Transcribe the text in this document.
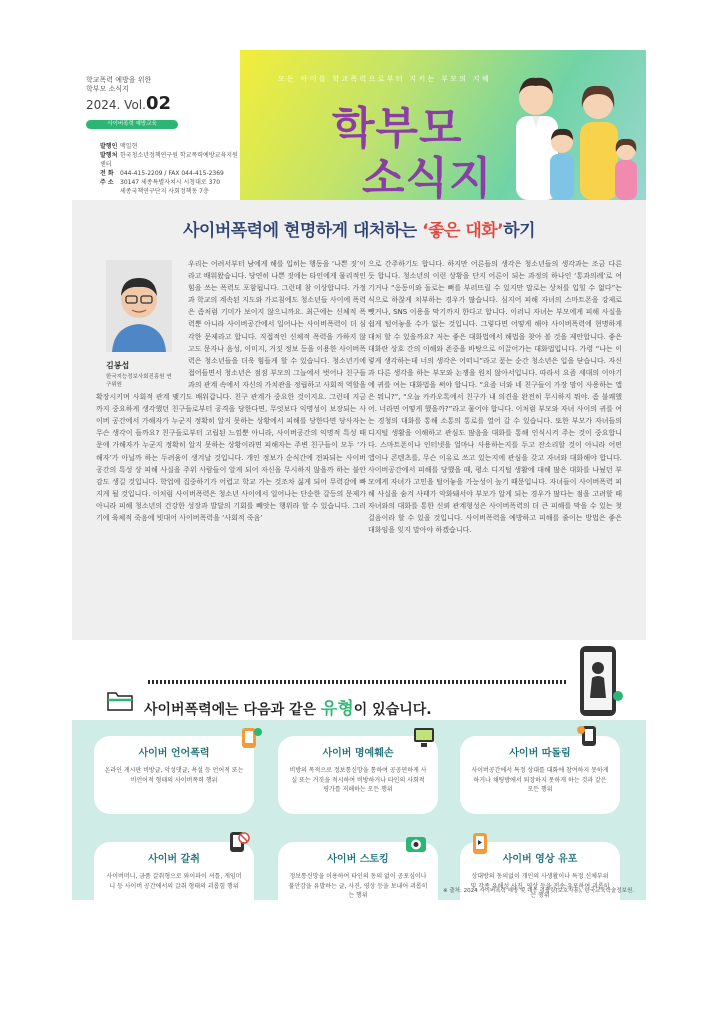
학교폭력 예방을 위한
학부모 소식지
2024. Vol.02
사이버폭력 예방교육
발행인 맥일현
발행처 한국청소년정책연구원 학교폭력예방교육지원센터
전 화 044-415-2209 / FAX 044-415-2369
주 소 30147 세종특별자치시 시청대로 370
세종국책연구단지 사회정책동 7층
모든 아이를 학교폭력으로부터 지키는 부모의 지혜
학부모
소식지
사이버폭력에 현명하게 대처하는 ‘좋은 대화’하기
우리는 어려서부터 남에게 해를 입히는 행동을 ‘나쁜 짓’이라고 배워왔습니다. 당연히 나쁜 짓에는 타인에게 물리적인 힘을 쓰는 폭력도 포함됩니다. 그런데 참 이상합니다. 가정과 학교의 계속된 지도와 가르침에도 청소년들 사이에 폭력은 좀처럼 기미가 보이지 않으니까요. 최근에는 신체적 폭력뿐 아니라 사이버공간에서 일어나는 사이버폭력이 더 심각한 문제라고 합니다. 직접적인 신체적 폭력을 가하지 않고도 문자나 음성, 이미지, 거짓 정보 등을 이용한 사이버폭력은 청소년들을 더욱 힘들게 할 수 있습니다. 청소년기에 접어들면서 청소년은 점점 부모의 그늘에서 벗어나 친구들과의 관계 속에서 자신의 가치관을 정립하고 사회적 역할을 확장시키며 사회적 관계 맺기도 배워갑니다. 친구 관계가 중요한 것이지요. 그런데 지금까지 중요하게 생각했던 친구들로부터 공격을 당한다면, 무엇보다 익명성이 보장되는 사이버 공간에서 가해자가 누군지 정확히 알지 못하는 상황에서 피해를 당한다면 당사자는 무슨 생각이 들까요? 친구들로부터 고립된 느낌뿐 아니라, 사이버공간의 익명적 특성 때문에 가해자가 누군지 정확히 알지 못하는 상황이라면 피해자는 주변 친구들이 모두 ‘가해자’가 아닐까 하는 두려움이 생겨날 것입니다. 개인 정보가 순식간에 전파되는 사이버공간의 특성 상 피해 사실을 주위 사람들이 알게 되어 자신을 무시하지 않을까 하는 불안감도 생길 것입니다. 학업에 집중하기가 어렵고 학교 가는 것조차 싫게 되어 무력감에 빠지게 될 것입니다. 이처럼 사이버폭력은 청소년 사이에서 일어나는 단순한 갈등의 문제가 아니라 피해 청소년의 건강한 성장과 발달의 기회를 빼앗는 행위라 할 수 있습니다. 그러기에 육체적 죽음에 빗대어 사이버폭력을 ‘사회적 죽음’
으로 간주하기도 합니다. 하지만 어른들의 생각은 청소년들의 생각과는 조금 다른 듯 합니다. 청소년의 이런 상황을 단지 어른이 되는 과정의 하나인 ‘통과의례’로 여기거나 “옹동이와 돌로는 뼈를 부러뜨릴 수 있지만 말로는 상처를 입힐 수 없다”는 식으로 하찮게 치부하는 경우가 많습니다. 심지어 피해 자녀의 스마트폰을 강제로 뺏거나, SNS 이용을 막기까지 한다고 합니다. 이러니 자녀는 부모에게 피해 사실을 쉽게 털어놓을 수가 없는 것입니다. 그렇다면 어떻게 해야 사이버폭력에 현명하게 대처 할 수 있을까요? 저는 좋은 대화법에서 해법을 찾아 볼 것을 제안합니다. 좋은 대화란 상호 간의 이해와 존중을 바탕으로 이끌어가는 대화법입니다. 가령 “나는 이렇게 생각하는데 너의 생각은 어떠니”라고 묻는 순간 청소년은 입을 닫습니다. 자신과 다른 생각을 하는 부모와 논쟁을 원치 않아서입니다. 따라서 요즘 세대의 이야기에 귀를 여는 대화법을 써야 합니다. “요즘 너와 네 친구들이 가장 맘이 사용하는 앱은 뭐니?”, “오늘 카카오톡에서 친구가 내 의견을 완전히 무시하지 뭐야. 좀 불쾌했어. 너라면 어떻게 했을까?”라고 물어야 합니다. 이처럼 부모와 자녀 사이의 귀를 여는 경청의 대화를 통해 소통의 통로를 열어 갈 수 있습니다. 또한 부모가 자녀들의 디지털 생활을 이해하고 관심도 많음을 대화를 통해 인식시켜 주는 것이 중요합니다. 스마트폰이나 인터넷을 얼마나 사용하는지를 두고 잔소리할 것이 아니라 어떤 앱이나 콘텐츠를, 무슨 이유로 쓰고 있는지에 관심을 갖고 자녀와 대화해야 합니다. 사이버공간에서 피해를 당했을 때, 평소 디지털 생활에 대해 많은 대화를 나눴던 부모에게 자녀가 고민을 털어놓을 가능성이 높기 때문입니다. 자녀들이 사이버폭력 피해 사실을 숨겨 사태가 악화돼서야 부모가 알게 되는 경우가 많다는 점을 고려할 때 자녀와의 대화를 통한 신뢰 관계형성은 사이버폭력의 더 큰 피해를 막을 수 있는 첫걸음이라 할 수 있을 것입니다. 사이버폭력을 예방하고 피해를 줄이는 방법은 좋은 대화임을 잊지 말아야 하겠습니다.
김봉섭
한국지능정보사회진흥원 연구위원
사이버폭력에는 다음과 같은 유형이 있습니다.
사이버 언어폭력
온라인 게시판 비방글, 악성댓글, 욕설 등 언어적 또는 비언어적 형태의 사이버폭력 행위
사이버 명예훼손
비방의 목적으로 정보통신망을 통하여 공공연하게 사실 또는 거짓을 적시하여 비방하거나 타인의 사회적 평가를 저해하는 모든 행위
사이버 따돌림
사이버공간에서 특정 상대를 대화에 참여하지 못하게 하거나 채팅방에서 퇴장하지 못하게 하는 것과 같은 모든 행위
사이버 갈취
사이버머니, 금품 갈취형으로 와이파이 셔틀, 게임머니 등 사이버 공간에서의 갈취 형태의 괴롭힘 행위
사이버 스토킹
정보통신망을 이용하여 타인의 동의 없이 공포심이나 불안감을 유발하는 글, 사진, 영상 등을 보내어 괴롭히는 행위
사이버 영상 유포
상대방의 동의없이 개인의 사생활이나 특정 신체부위 및 각종 유해성 사진, 영상 등을 전송·유포하여 괴롭히는 행위
※ 출처: 2024 사이버폭력 예방 및 대응 리플릿(보호자용), 한국교육학술정보원.
